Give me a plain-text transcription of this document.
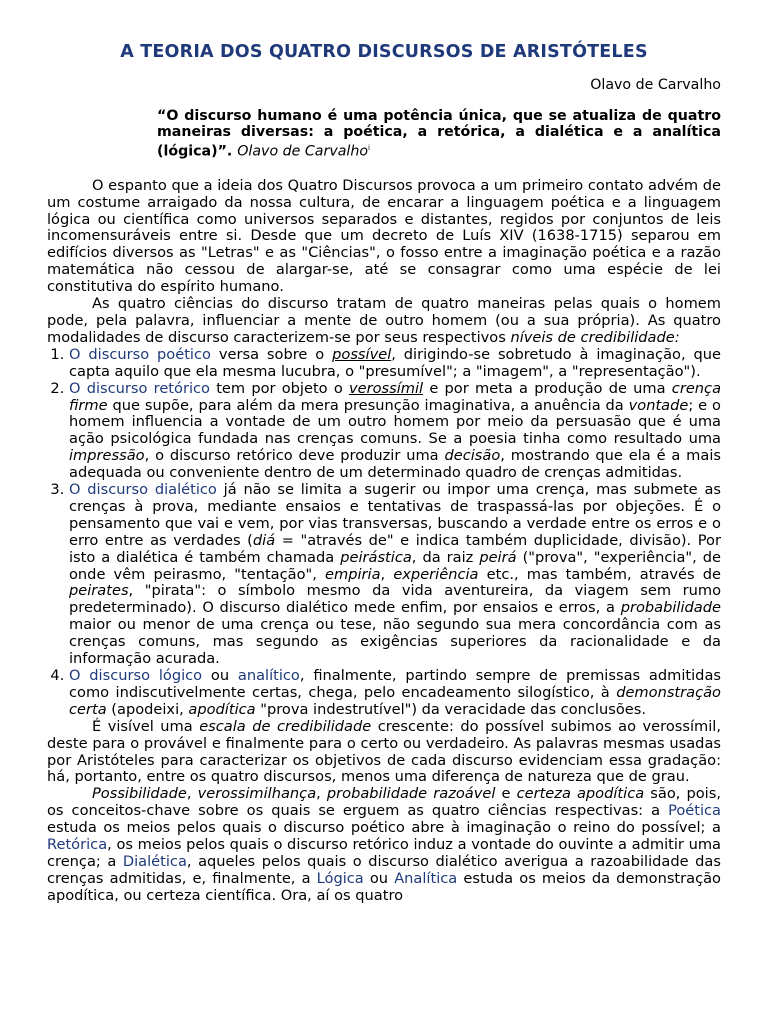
A TEORIA DOS QUATRO DISCURSOS DE ARISTÓTELES
Olavo de Carvalho
“O discurso humano é uma potência única, que se atualiza de quatro maneiras diversas: a poética, a retórica, a dialética e a analítica (lógica)”. Olavo de Carvalho$^i$

O espanto que a ideia dos Quatro Discursos provoca a um primeiro contato advém de um costume arraigado da nossa cultura, de encarar a linguagem poética e a linguagem lógica ou científica como universos separados e distantes, regidos por conjuntos de leis incomensuráveis entre si. Desde que um decreto de Luís XIV (1638-1715) separou em edifícios diversos as "Letras" e as "Ciências", o fosso entre a imaginação poética e a razão matemática não cessou de alargar-se, até se consagrar como uma espécie de lei constitutiva do espírito humano.

As quatro ciências do discurso tratam de quatro maneiras pelas quais o homem pode, pela palavra, influenciar a mente de outro homem (ou a sua própria). As quatro modalidades de discurso caracterizem-se por seus respectivos níveis de credibilidade:

1. O discurso poético versa sobre o possível, dirigindo-se sobretudo à imaginação, que capta aquilo que ela mesma lucubra, o "presumível"; a "imagem", a "representação").
2. O discurso retórico tem por objeto o verossímil e por meta a produção de uma crença firme que supõe, para além da mera presunção imaginativa, a anuência da vontade; e o homem influencia a vontade de um outro homem por meio da persuasão que é uma ação psicológica fundada nas crenças comuns. Se a poesia tinha como resultado uma impressão, o discurso retórico deve produzir uma decisão, mostrando que ela é a mais adequada ou conveniente dentro de um determinado quadro de crenças admitidas.
3. O discurso dialético já não se limita a sugerir ou impor uma crença, mas submete as crenças à prova, mediante ensaios e tentativas de traspassá-las por objeções. É o pensamento que vai e vem, por vias transversas, buscando a verdade entre os erros e o erro entre as verdades (diá = "através de" e indica também duplicidade, divisão). Por isto a dialética é também chamada peirástica, da raiz peirá ("prova", "experiência", de onde vêm peirasmo, "tentação", empiria, experiência etc., mas também, através de peirates, "pirata": o símbolo mesmo da vida aventureira, da viagem sem rumo predeterminado). O discurso dialético mede enfim, por ensaios e erros, a probabilidade maior ou menor de uma crença ou tese, não segundo sua mera concordância com as crenças comuns, mas segundo as exigências superiores da racionalidade e da informação acurada.
4. O discurso lógico ou analítico, finalmente, partindo sempre de premissas admitidas como indiscutivelmente certas, chega, pelo encadeamento silogístico, à demonstração certa (apodeixi, apodítica "prova indestrutível") da veracidade das conclusões.

É visível uma escala de credibilidade crescente: do possível subimos ao verossímil, deste para o provável e finalmente para o certo ou verdadeiro. As palavras mesmas usadas por Aristóteles para caracterizar os objetivos de cada discurso evidenciam essa gradação: há, portanto, entre os quatro discursos, menos uma diferença de natureza que de grau.

Possibilidade, verossimilhança, probabilidade razoável e certeza apodítica são, pois, os conceitos-chave sobre os quais se erguem as quatro ciências respectivas: a Poética estuda os meios pelos quais o discurso poético abre à imaginação o reino do possível; a Retórica, os meios pelos quais o discurso retórico induz a vontade do ouvinte a admitir uma crença; a Dialética, aqueles pelos quais o discurso dialético averigua a razoabilidade das crenças admitidas, e, finalmente, a Lógica ou Analítica estuda os meios da demonstração apodítica, ou certeza científica. Ora, aí os quatro
